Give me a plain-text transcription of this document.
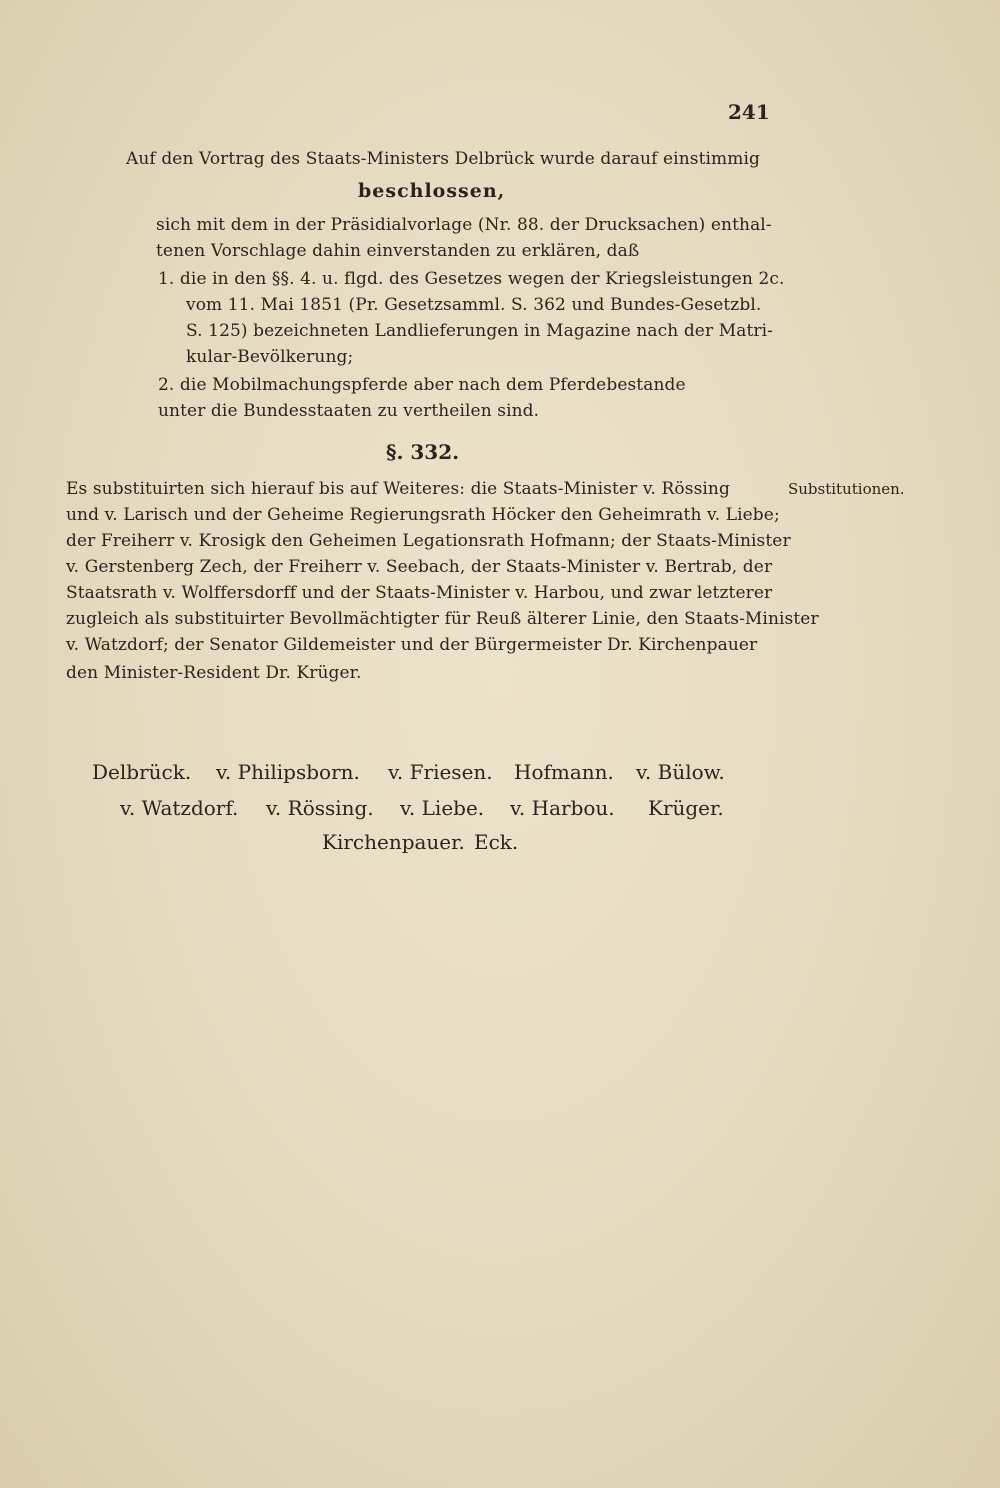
241
Auf den Vortrag des Staats-Ministers Delbrück wurde darauf einstimmig
beschlossen,
sich mit dem in der Präsidialvorlage (Nr. 88. der Drucksachen) enthal-
tenen Vorschlage dahin einverstanden zu erklären, daß
1. die in den §§. 4. u. flgd. des Gesetzes wegen der Kriegsleistungen 2c.
vom 11. Mai 1851 (Pr. Gesetzsamml. S. 362 und Bundes-Gesetzbl.
S. 125) bezeichneten Landlieferungen in Magazine nach der Matri-
kular-Bevölkerung;
2. die Mobilmachungspferde aber nach dem Pferdebestande
unter die Bundesstaaten zu vertheilen sind.
§. 332.
Substitutionen.
Es substituirten sich hierauf bis auf Weiteres: die Staats-Minister v. Rössing
und v. Larisch und der Geheime Regierungsrath Höcker den Geheimrath v. Liebe;
der Freiherr v. Krosigk den Geheimen Legationsrath Hofmann; der Staats-Minister
v. Gerstenberg Zech, der Freiherr v. Seebach, der Staats-Minister v. Bertrab, der
Staatsrath v. Wolffersdorff und der Staats-Minister v. Harbou, und zwar letzterer
zugleich als substituirter Bevollmächtigter für Reuß älterer Linie, den Staats-Minister
v. Watzdorf; der Senator Gildemeister und der Bürgermeister Dr. Kirchenpauer
den Minister-Resident Dr. Krüger.
Delbrück. v. Philipsborn. v. Friesen. Hofmann. v. Bülow.
v. Watzdorf. v. Rössing. v. Liebe. v. Harbou. Krüger.
Kirchenpauer. Eck.
